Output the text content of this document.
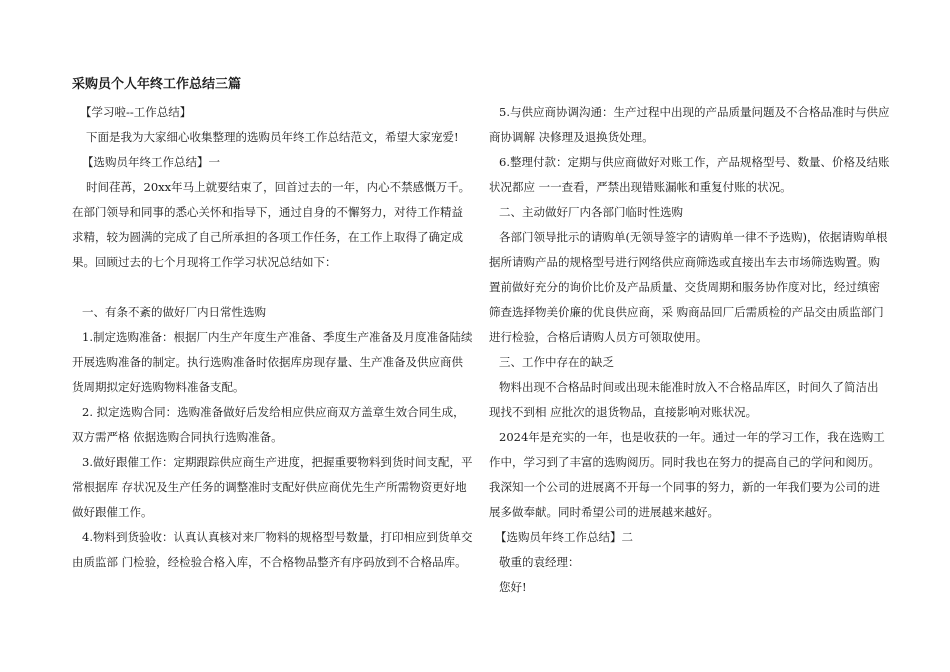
采购员个人年终工作总结三篇
【学习啦--工作总结】
下面是我为大家细心收集整理的选购员年终工作总结范文，希望大家宠爱!
【选购员年终工作总结】一
时间荏苒，20xx年马上就要结束了，回首过去的一年，内心不禁感慨万千。
在部门领导和同事的悉心关怀和指导下，通过自身的不懈努力，对待工作精益
求精，较为圆满的完成了自己所承担的各项工作任务，在工作上取得了确定成
果。回顾过去的七个月现将工作学习状况总结如下：
一、有条不紊的做好厂内日常性选购
1.制定选购准备：根据厂内生产年度生产准备、季度生产准备及月度准备陆续
开展选购准备的制定。执行选购准备时依据库房现存量、生产准备及供应商供
货周期拟定好选购物料准备支配。
2. 拟定选购合同：选购准备做好后发给相应供应商双方盖章生效合同生成，
双方需严格 依据选购合同执行选购准备。
3.做好跟催工作：定期跟踪供应商生产进度，把握重要物料到货时间支配，平
常根据库 存状况及生产任务的调整准时支配好供应商优先生产所需物资更好地
做好跟催工作。
4.物料到货验收：认真认真核对来厂物料的规格型号数量，打印相应到货单交
由质监部 门检验，经检验合格入库，不合格物品整齐有序码放到不合格品库。
5.与供应商协调沟通：生产过程中出现的产品质量问题及不合格品准时与供应
商协调解 决修理及退换货处理。
6.整理付款：定期与供应商做好对账工作，产品规格型号、数量、价格及结账
状况都应 一一查看，严禁出现错账漏帐和重复付账的状况。
二、主动做好厂内各部门临时性选购
各部门领导批示的请购单(无领导签字的请购单一律不予选购)，依据请购单根
据所请购产品的规格型号进行网络供应商筛选或直接出车去市场筛选购置。购
置前做好充分的询价比价及产品质量、交货周期和服务协作度对比，经过缜密
筛查选择物美价廉的优良供应商，采 购商品回厂后需质检的产品交由质监部门
进行检验，合格后请购人员方可领取使用。
三、工作中存在的缺乏
物料出现不合格品时间或出现未能准时放入不合格品库区，时间久了简洁出
现找不到相 应批次的退货物品，直接影响对账状况。
2024年是充实的一年，也是收获的一年。通过一年的学习工作，我在选购工
作中，学习到了丰富的选购阅历。同时我也在努力的提高自己的学问和阅历。
我深知一个公司的进展离不开每一个同事的努力，新的一年我们要为公司的进
展多做奉献。同时希望公司的进展越来越好。
【选购员年终工作总结】二
敬重的袁经理：
您好!
